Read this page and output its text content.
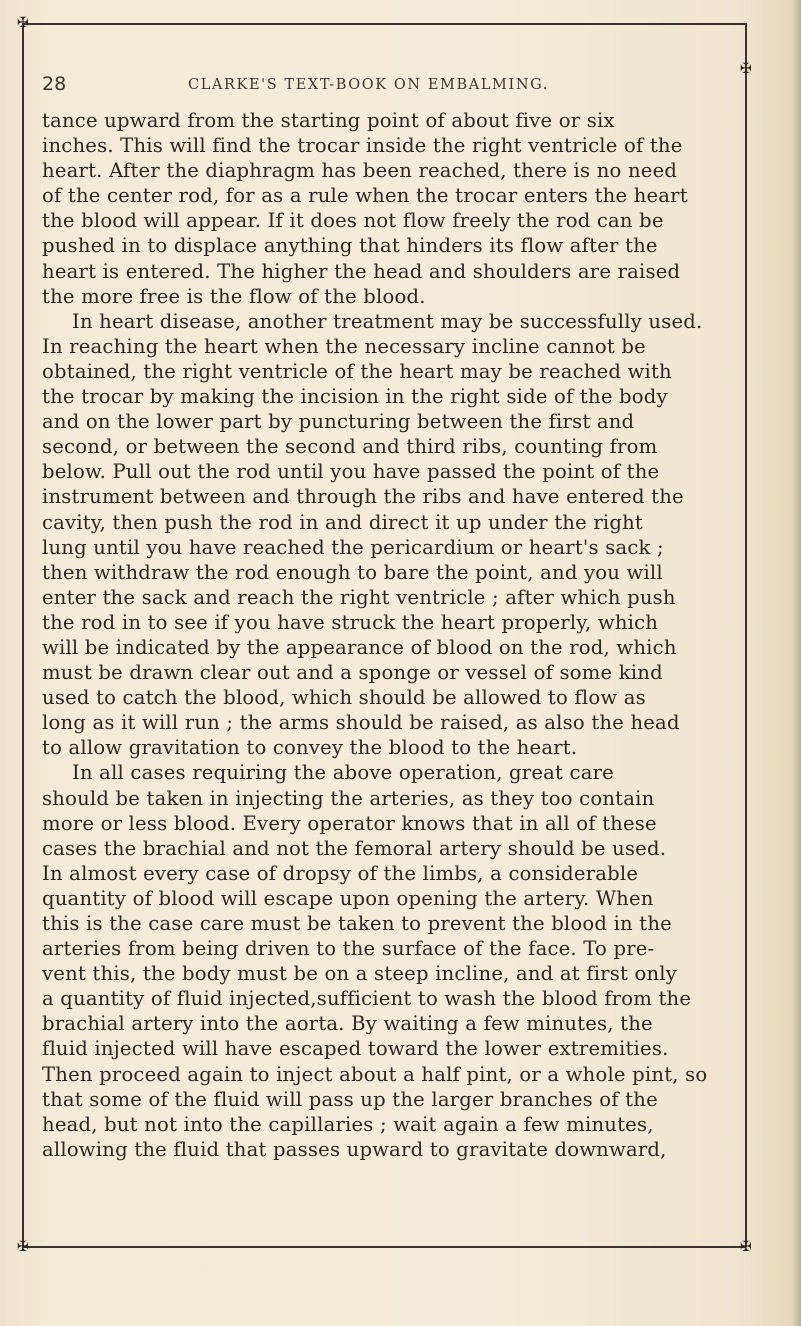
✠
✠
✠	✠
28	CLARKE'S TEXT-BOOK ON EMBALMING.
tance upward from the starting point of about five or six
inches. This will find the trocar inside the right ventricle of the
heart. After the diaphragm has been reached, there is no need
of the center rod, for as a rule when the trocar enters the heart
the blood will appear. If it does not flow freely the rod can be
pushed in to displace anything that hinders its flow after the
heart is entered. The higher the head and shoulders are raised
the more free is the flow of the blood.
In heart disease, another treatment may be successfully used.
In reaching the heart when the necessary incline cannot be
obtained, the right ventricle of the heart may be reached with
the trocar by making the incision in the right side of the body
and on the lower part by puncturing between the first and
second, or between the second and third ribs, counting from
below. Pull out the rod until you have passed the point of the
instrument between and through the ribs and have entered the
cavity, then push the rod in and direct it up under the right
lung until you have reached the pericardium or heart's sack ;
then withdraw the rod enough to bare the point, and you will
enter the sack and reach the right ventricle ; after which push
the rod in to see if you have struck the heart properly, which
will be indicated by the appearance of blood on the rod, which
must be drawn clear out and a sponge or vessel of some kind
used to catch the blood, which should be allowed to flow as
long as it will run ; the arms should be raised, as also the head
to allow gravitation to convey the blood to the heart.
In all cases requiring the above operation, great care
should be taken in injecting the arteries, as they too contain
more or less blood. Every operator knows that in all of these
cases the brachial and not the femoral artery should be used.
In almost every case of dropsy of the limbs, a considerable
quantity of blood will escape upon opening the artery. When
this is the case care must be taken to prevent the blood in the
arteries from being driven to the surface of the face. To pre-
vent this, the body must be on a steep incline, and at first only
a quantity of fluid injected,sufficient to wash the blood from the
brachial artery into the aorta. By waiting a few minutes, the
fluid injected will have escaped toward the lower extremities.
Then proceed again to inject about a half pint, or a whole pint, so
that some of the fluid will pass up the larger branches of the
head, but not into the capillaries ; wait again a few minutes,
allowing the fluid that passes upward to gravitate downward,
